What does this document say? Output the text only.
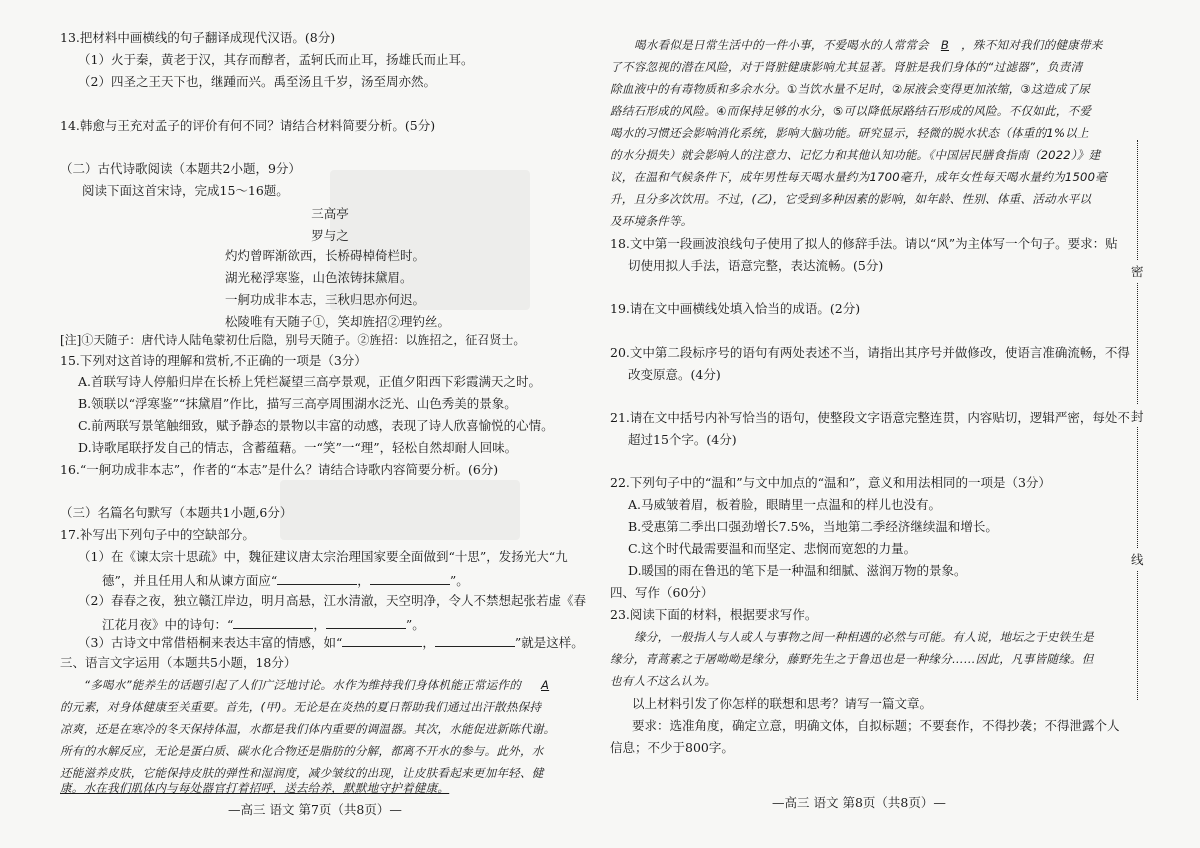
13.把材料中画横线的句子翻译成现代汉语。(8分)
（1）火于秦，黄老于汉，其存而醇者，孟轲氏而止耳，扬雄氏而止耳。
（2）四圣之王天下也，继踵而兴。禹至汤且千岁，汤至周亦然。
14.韩愈与王充对孟子的评价有何不同？请结合材料简要分析。(5分)
（二）古代诗歌阅读（本题共2小题，9分）
阅读下面这首宋诗，完成15～16题。
三高亭
罗与之
灼灼曾晖渐欲西，长桥碍棹倚栏时。
湖光秘浮寒鉴，山色浓铸抹黛眉。
一舸功成非本志，三秋归思亦何迟。
松陵唯有天随子①，笑却旌招②理钓丝。
[注]①天随子：唐代诗人陆龟蒙初仕后隐，别号天随子。②旌招：以旌招之，征召贤士。
15.下列对这首诗的理解和赏析,不正确的一项是（3分）
A.首联写诗人停船归岸在长桥上凭栏凝望三高亭景观，正值夕阳西下彩霞满天之时。
B.领联以“浮寒鉴”“抹黛眉”作比，描写三高亭周围湖水泛光、山色秀美的景象。
C.前两联写景笔触细致，赋予静态的景物以丰富的动感，表现了诗人欣喜愉悦的心情。
D.诗歌尾联抒发自己的情志，含蓄蕴藉。一“笑”一“理”，轻松自然却耐人回味。
16.“一舸功成非本志”，作者的“本志”是什么？请结合诗歌内容简要分析。(6分)
（三）名篇名句默写（本题共1小题,6分）
17.补写出下列句子中的空缺部分。
（1）在《谏太宗十思疏》中，魏征建议唐太宗治理国家要全面做到“十思”，发扬光大“九
德”，并且任用人和从谏方面应“	，	”。
（2）春春之夜，独立赣江岸边，明月高悬，江水清澈，天空明净，令人不禁想起张若虚《春
江花月夜》中的诗句：“	，	”。
（3）古诗文中常借梧桐来表达丰富的情感，如“	，	”就是这样。
三、语言文字运用（本题共5小题，18分）
“多喝水”能养生的话题引起了人们广泛地讨论。水作为维持我们身体机能正常运作的 A
的元素，对身体健康至关重要。首先，(甲)。无论是在炎热的夏日帮助我们通过出汗散热保持
凉爽，还是在寒冷的冬天保持体温，水都是我们体内重要的调温器。其次，水能促进新陈代谢。
所有的水解反应，无论是蛋白质、碳水化合物还是脂肪的分解，都离不开水的参与。此外，水
还能滋养皮肤，它能保持皮肤的弹性和湿润度，减少皱纹的出现，让皮肤看起来更加年轻、健
康。水在我们肌体内与每处器官打着招呼，送去给养，默默地守护着健康。
—高三 语文 第7页（共8页）—
喝水看似是日常生活中的一件小事，不爱喝水的人常常会 B ，殊不知对我们的健康带来
了不容忽视的潜在风险，对于肾脏健康影响尤其显著。肾脏是我们身体的“过滤器”，负责清
除血液中的有毒物质和多余水分。①当饮水量不足时，②尿液会变得更加浓缩，③这造成了尿
路结石形成的风险。④而保持足够的水分，⑤可以降低尿路结石形成的风险。不仅如此，不爱
喝水的习惯还会影响消化系统，影响大脑功能。研究显示，轻微的脱水状态（体重的1%以上
的水分损失）就会影响人的注意力、记忆力和其他认知功能。《中国居民膳食指南（2022）》建
议，在温和气候条件下，成年男性每天喝水量约为1700毫升，成年女性每天喝水量约为1500毫
升，且分多次饮用。不过，(乙)，它受到多种因素的影响，如年龄、性别、体重、活动水平以
及环境条件等。
18.文中第一段画波浪线句子使用了拟人的修辞手法。请以“风”为主体写一个句子。要求：贴
切使用拟人手法，语意完整，表达流畅。(5分)
19.请在文中画横线处填入恰当的成语。(2分)
20.文中第二段标序号的语句有两处表述不当，请指出其序号并做修改，使语言准确流畅，不得
改变原意。(4分)
21.请在文中括号内补写恰当的语句，使整段文字语意完整连贯，内容贴切，逻辑严密，每处不
超过15个字。(4分)
22.下列句子中的“温和”与文中加点的“温和”，意义和用法相同的一项是（3分）
A.马威皱着眉，板着脸，眼睛里一点温和的样儿也没有。
B.受惠第二季出口强劲增长7.5%，当地第二季经济继续温和增长。
C.这个时代最需要温和而坚定、悲悯而宽恕的力量。
D.暖国的雨在鲁迅的笔下是一种温和细腻、滋润万物的景象。
四、写作（60分）
23.阅读下面的材料，根据要求写作。
缘分，一般指人与人或人与事物之间一种相遇的必然与可能。有人说，地坛之于史铁生是
缘分，青蒿素之于屠呦呦是缘分，藤野先生之于鲁迅也是一种缘分……因此，凡事皆随缘。但
也有人不这么认为。
以上材料引发了你怎样的联想和思考？请写一篇文章。
要求：选准角度，确定立意，明确文体，自拟标题；不要套作，不得抄袭；不得泄露个人
信息；不少于800字。
—高三 语文 第8页（共8页）—
密
封
线
